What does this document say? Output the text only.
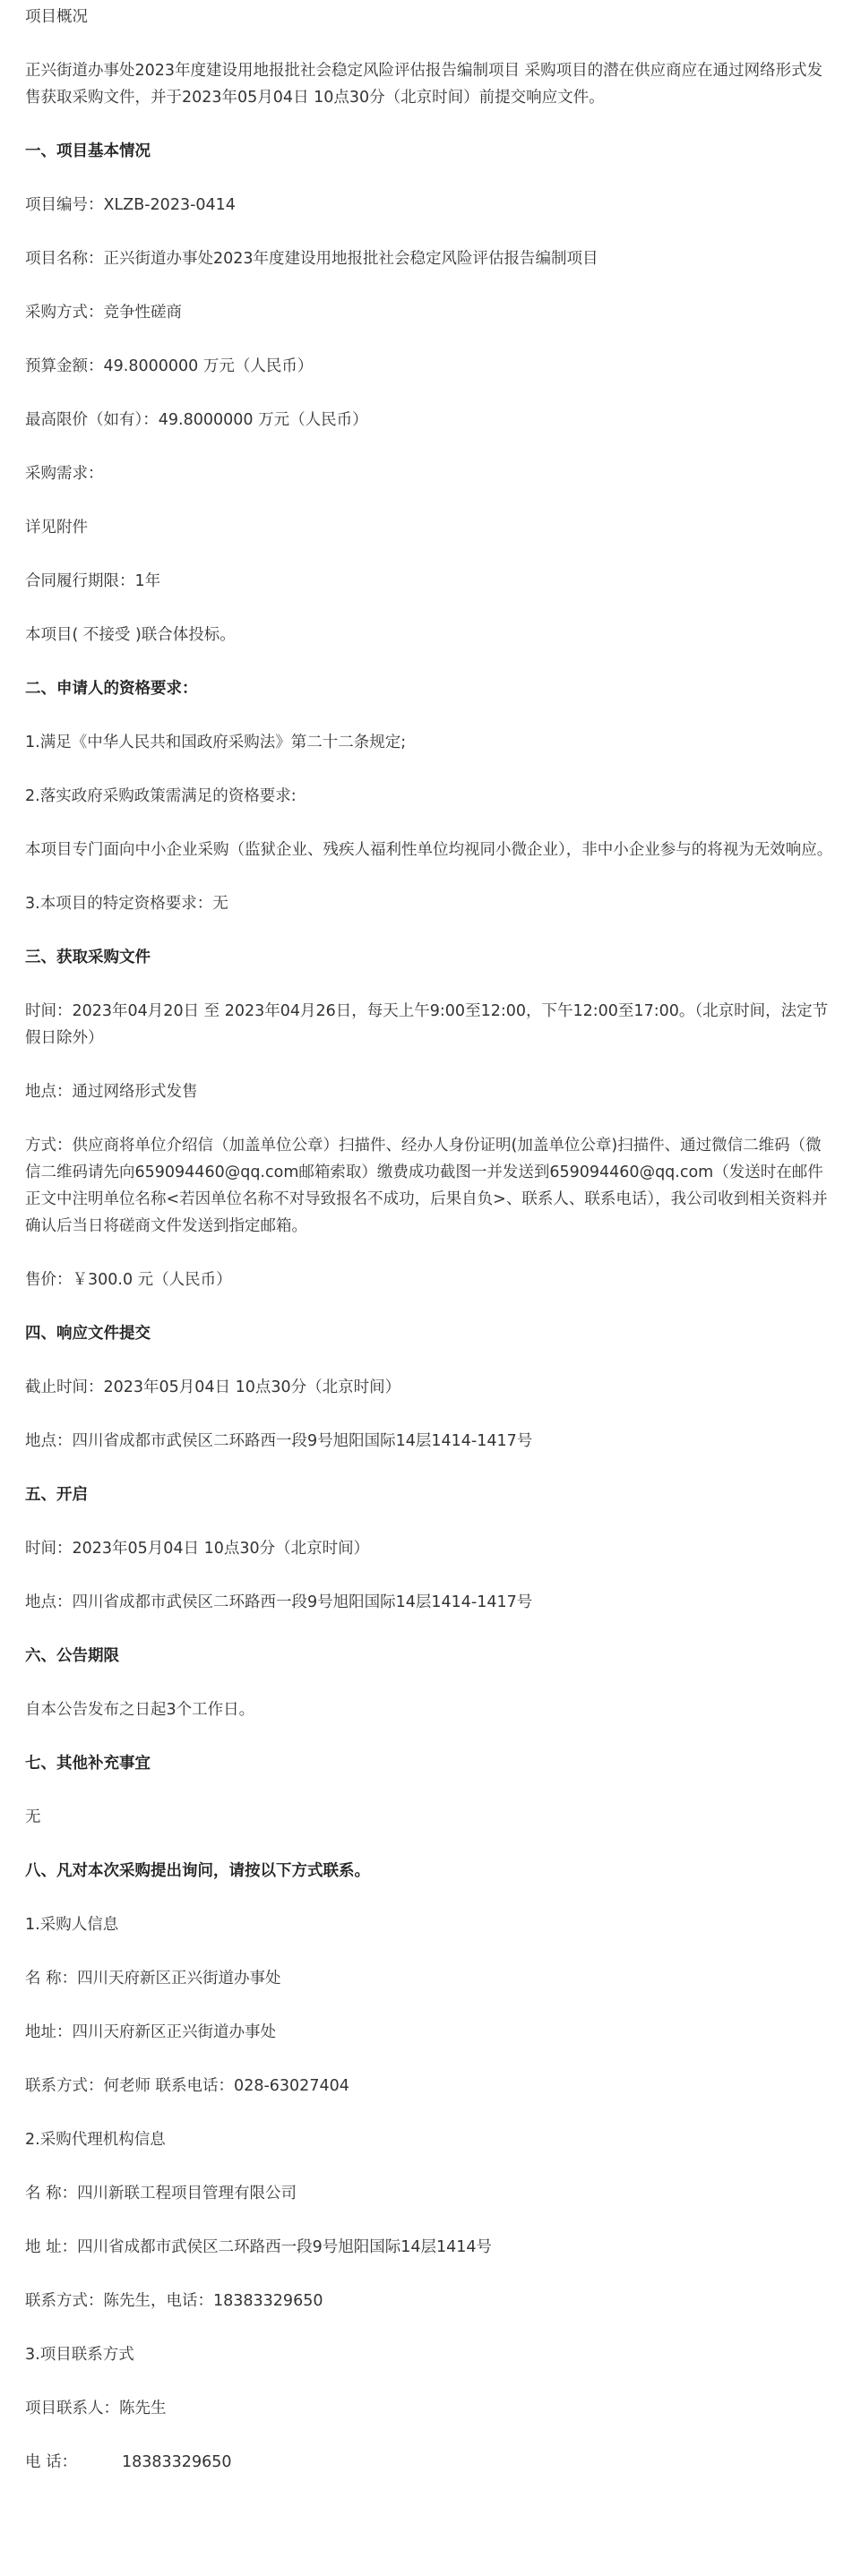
项目概况

正兴街道办事处2023年度建设用地报批社会稳定风险评估报告编制项目 采购项目的潜在供应商应在通过网络形式发售获取采购文件，并于2023年05月04日 10点30分（北京时间）前提交响应文件。

一、项目基本情况

项目编号：XLZB-2023-0414

项目名称：正兴街道办事处2023年度建设用地报批社会稳定风险评估报告编制项目

采购方式：竞争性磋商

预算金额：49.8000000 万元（人民币）

最高限价（如有）：49.8000000 万元（人民币）

采购需求：

详见附件

合同履行期限：1年

本项目( 不接受 )联合体投标。

二、申请人的资格要求：

1.满足《中华人民共和国政府采购法》第二十二条规定;

2.落实政府采购政策需满足的资格要求:

本项目专门面向中小企业采购（监狱企业、残疾人福利性单位均视同小微企业），非中小企业参与的将视为无效响应。

3.本项目的特定资格要求：无

三、获取采购文件

时间：2023年04月20日 至 2023年04月26日，每天上午9:00至12:00，下午12:00至17:00。（北京时间，法定节假日除外）

地点：通过网络形式发售

方式：供应商将单位介绍信（加盖单位公章）扫描件、经办人身份证明(加盖单位公章)扫描件、通过微信二维码（微信二维码请先向659094460@qq.com邮箱索取）缴费成功截图一并发送到659094460@qq.com（发送时在邮件正文中注明单位名称<若因单位名称不对导致报名不成功，后果自负>、联系人、联系电话），我公司收到相关资料并确认后当日将磋商文件发送到指定邮箱。

售价：￥300.0 元（人民币）

四、响应文件提交

截止时间：2023年05月04日 10点30分（北京时间）

地点：四川省成都市武侯区二环路西一段9号旭阳国际14层1414-1417号

五、开启

时间：2023年05月04日 10点30分（北京时间）

地点：四川省成都市武侯区二环路西一段9号旭阳国际14层1414-1417号

六、公告期限

自本公告发布之日起3个工作日。

七、其他补充事宜

无

八、凡对本次采购提出询问，请按以下方式联系。

1.采购人信息

名 称：四川天府新区正兴街道办事处

地址：四川天府新区正兴街道办事处

联系方式：何老师 联系电话：028-63027404

2.采购代理机构信息

名 称：四川新联工程项目管理有限公司

地 址：四川省成都市武侯区二环路西一段9号旭阳国际14层1414号

联系方式：陈先生，电话：18383329650

3.项目联系方式

项目联系人：陈先生

电 话：	18383329650
